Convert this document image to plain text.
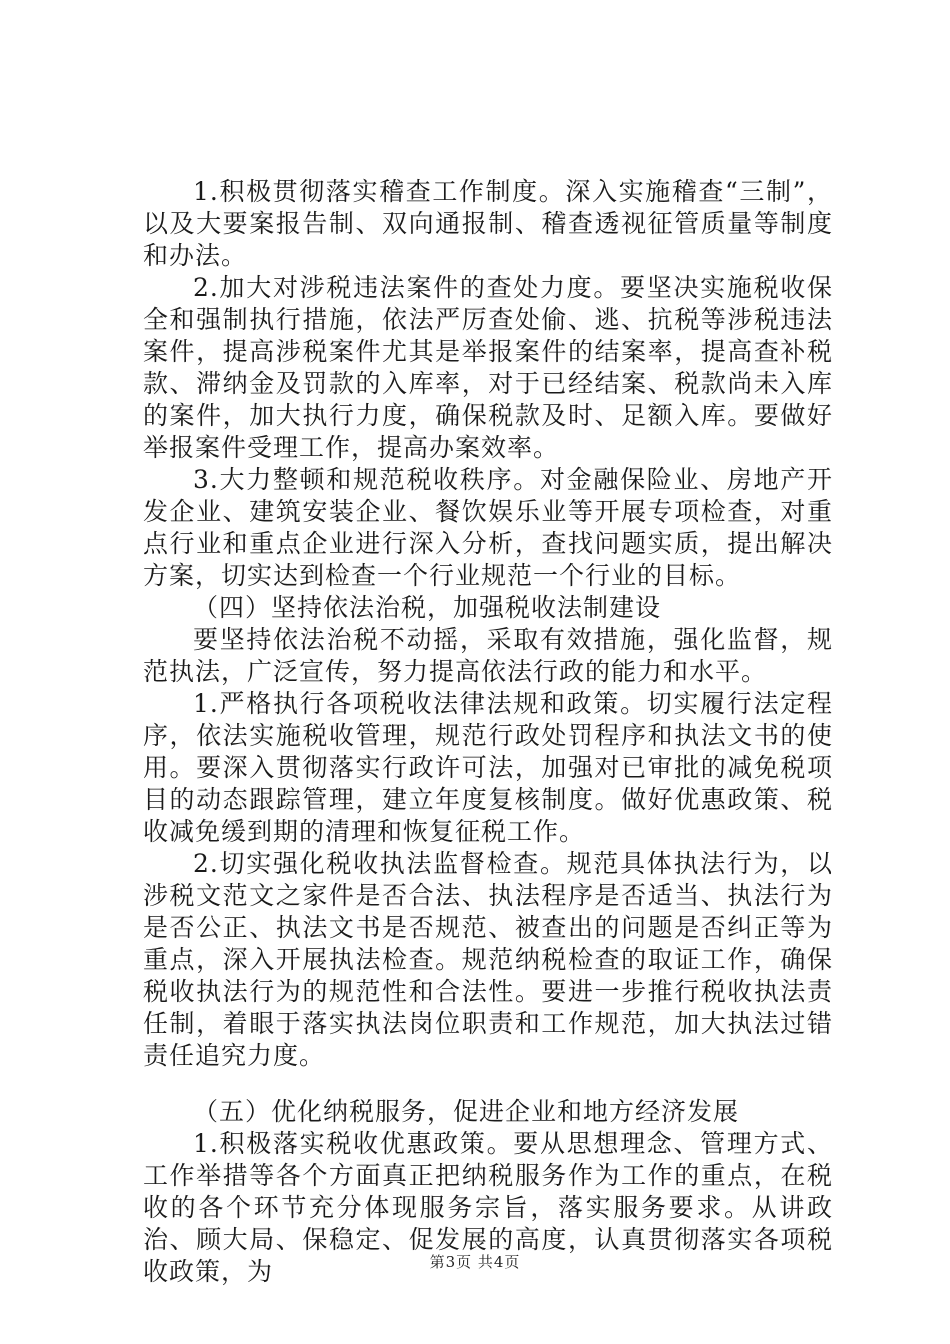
1.积极贯彻落实稽查工作制度。深入实施稽查“三制”，以及大要案报告制、双向通报制、稽查透视征管质量等制度和办法。

2.加大对涉税违法案件的查处力度。要坚决实施税收保全和强制执行措施，依法严厉查处偷、逃、抗税等涉税违法案件，提高涉税案件尤其是举报案件的结案率，提高查补税款、滞纳金及罚款的入库率，对于已经结案、税款尚未入库的案件，加大执行力度，确保税款及时、足额入库。要做好举报案件受理工作，提高办案效率。

3.大力整顿和规范税收秩序。对金融保险业、房地产开发企业、建筑安装企业、餐饮娱乐业等开展专项检查，对重点行业和重点企业进行深入分析，查找问题实质，提出解决方案，切实达到检查一个行业规范一个行业的目标。

（四）坚持依法治税，加强税收法制建设

要坚持依法治税不动摇，采取有效措施，强化监督，规范执法，广泛宣传，努力提高依法行政的能力和水平。

1.严格执行各项税收法律法规和政策。切实履行法定程序，依法实施税收管理，规范行政处罚程序和执法文书的使用。要深入贯彻落实行政许可法，加强对已审批的减免税项目的动态跟踪管理，建立年度复核制度。做好优惠政策、税收减免缓到期的清理和恢复征税工作。

2.切实强化税收执法监督检查。规范具体执法行为，以涉税文范文之家件是否合法、执法程序是否适当、执法行为是否公正、执法文书是否规范、被查出的问题是否纠正等为重点，深入开展执法检查。规范纳税检查的取证工作，确保税收执法行为的规范性和合法性。要进一步推行税收执法责任制，着眼于落实执法岗位职责和工作规范，加大执法过错责任追究力度。

（五）优化纳税服务，促进企业和地方经济发展

1.积极落实税收优惠政策。要从思想理念、管理方式、工作举措等各个方面真正把纳税服务作为工作的重点，在税收的各个环节充分体现服务宗旨，落实服务要求。从讲政治、顾大局、保稳定、促发展的高度，认真贯彻落实各项税收政策，为	第3页 共4页
